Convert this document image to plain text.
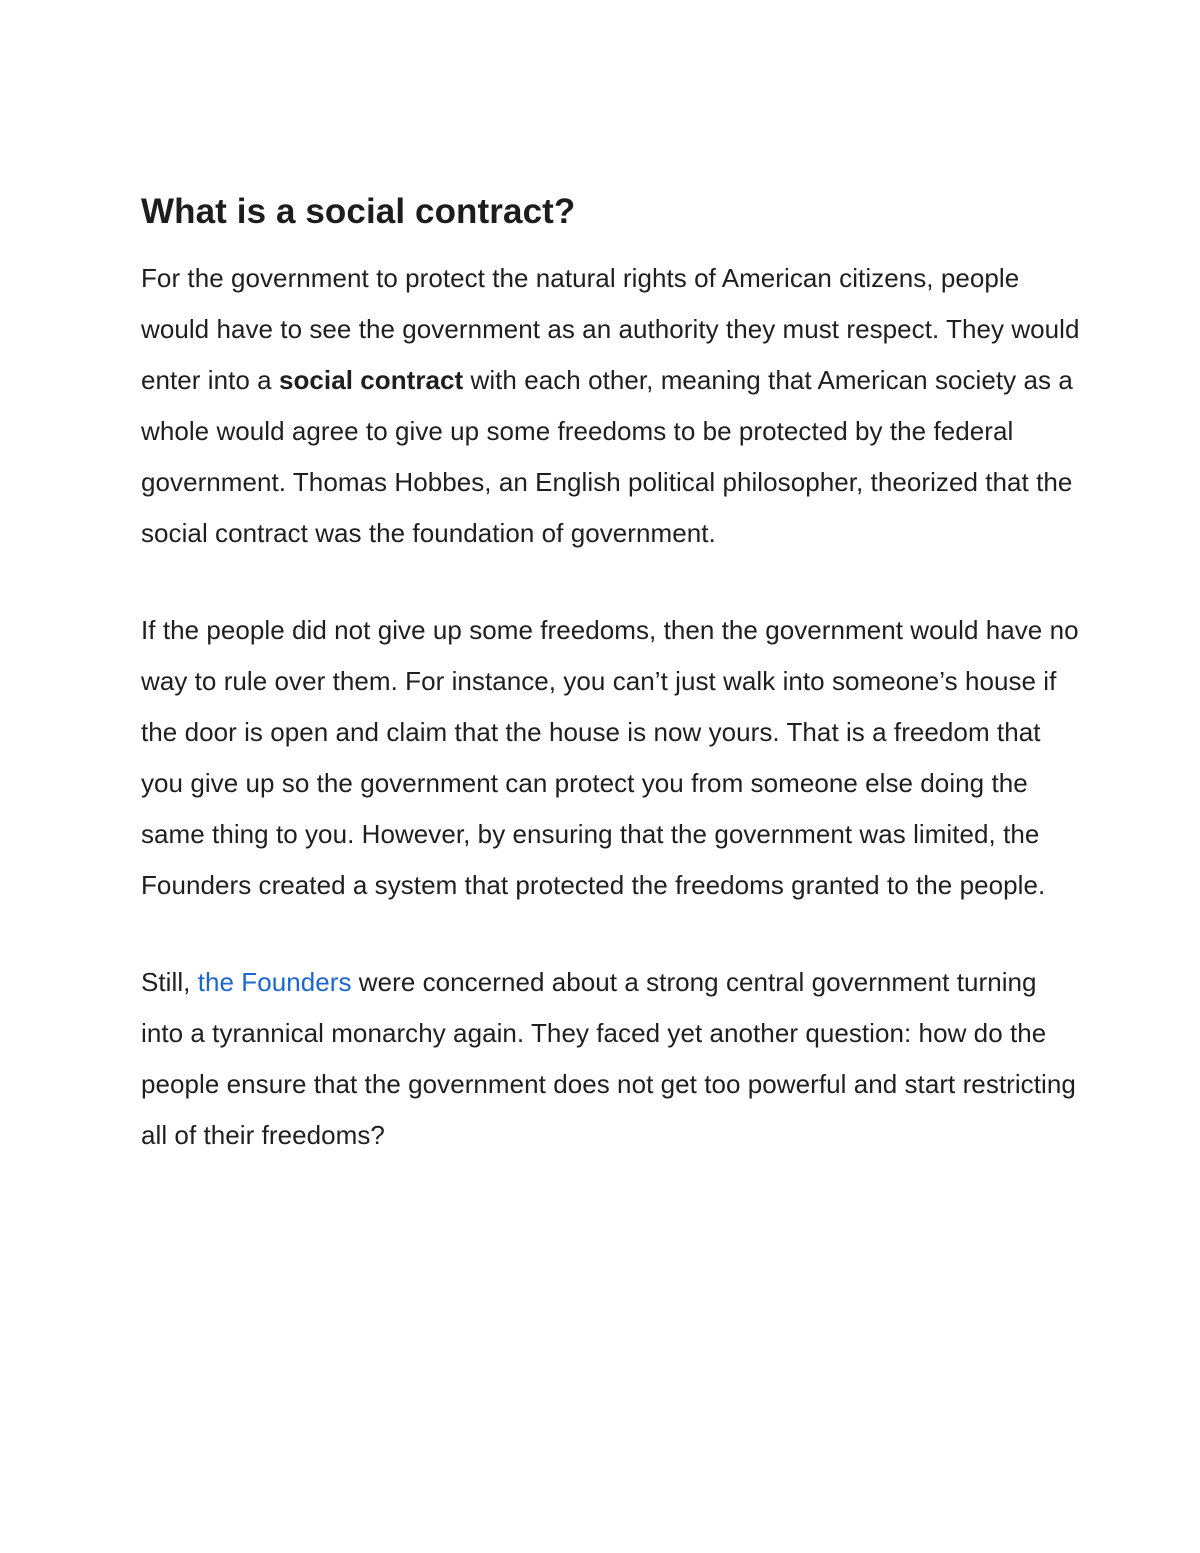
What is a social contract?

For the government to protect the natural rights of American citizens, people would have to see the government as an authority they must respect. They would enter into a social contract with each other, meaning that American society as a whole would agree to give up some freedoms to be protected by the federal government. Thomas Hobbes, an English political philosopher, theorized that the social contract was the foundation of government.

If the people did not give up some freedoms, then the government would have no way to rule over them. For instance, you can’t just walk into someone’s house if the door is open and claim that the house is now yours. That is a freedom that you give up so the government can protect you from someone else doing the same thing to you. However, by ensuring that the government was limited, the Founders created a system that protected the freedoms granted to the people.

Still, the Founders were concerned about a strong central government turning into a tyrannical monarchy again. They faced yet another question: how do the people ensure that the government does not get too powerful and start restricting all of their freedoms?
